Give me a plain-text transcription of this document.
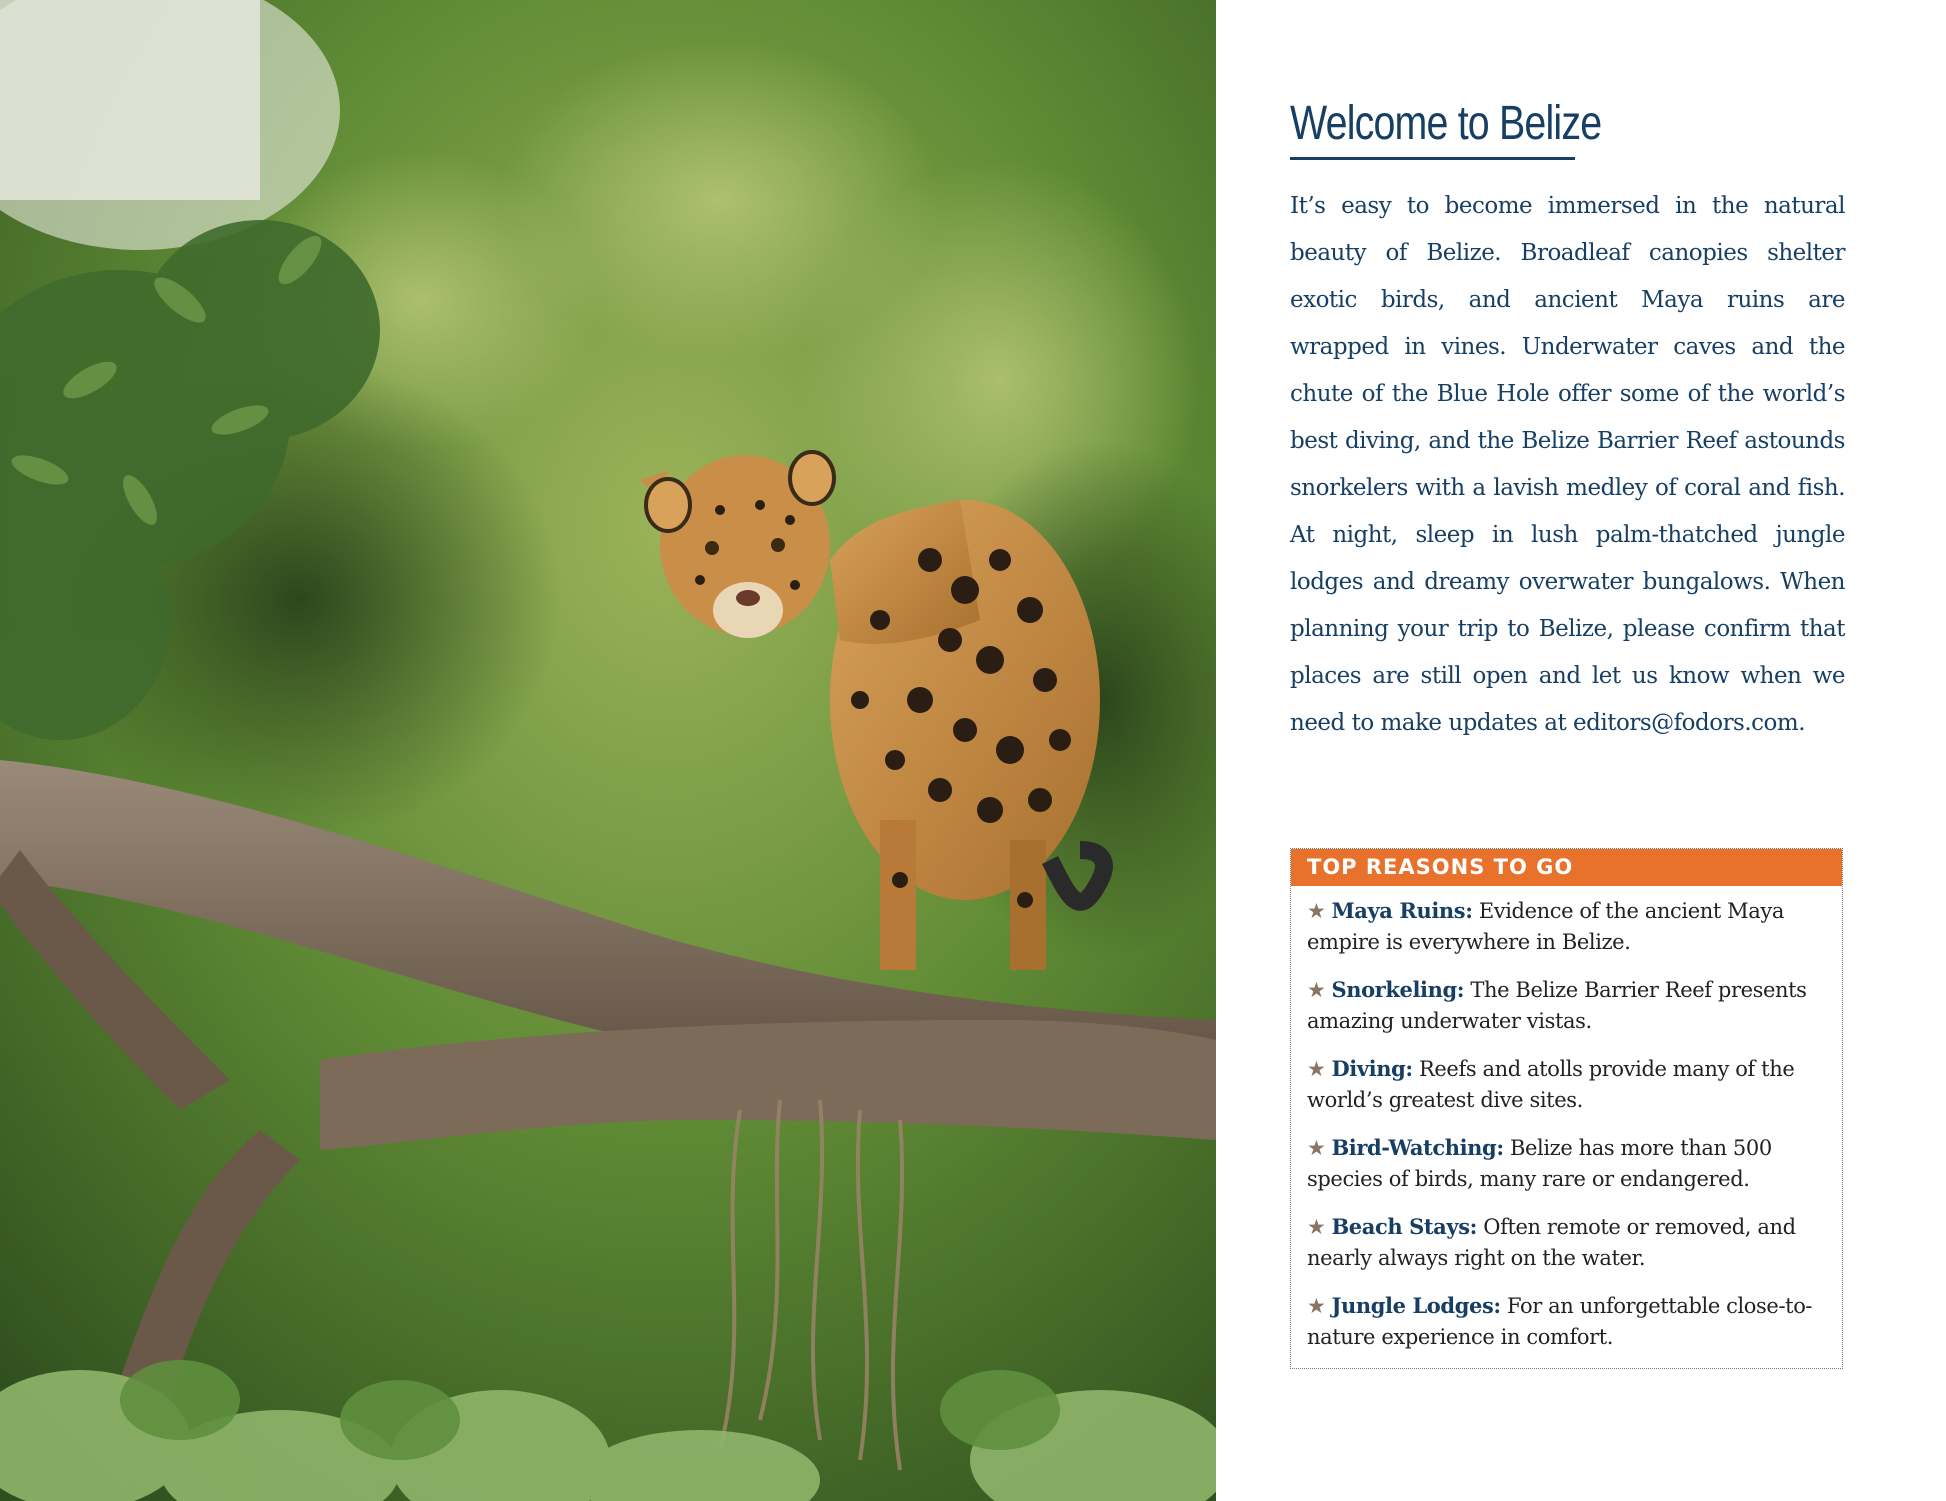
Welcome to Belize
It’s easy to become immersed in the natural beauty of Belize. Broadleaf canopies shelter exotic birds, and ancient Maya ruins are wrapped in vines. Underwater caves and the chute of the Blue Hole offer some of the world’s best diving, and the Belize Barrier Reef astounds snorkelers with a lavish medley of coral and fish. At night, sleep in lush palm-thatched jungle lodges and dreamy overwater bungalows. When planning your trip to Belize, please confirm that places are still open and let us know when we need to make updates at editors@fodors.com.
TOP REASONS TO GO
★ Maya Ruins: Evidence of the ancient Maya empire is everywhere in Belize.
★ Snorkeling: The Belize Barrier Reef presents amazing underwater vistas.
★ Diving: Reefs and atolls provide many of the world’s greatest dive sites.
★ Bird-Watching: Belize has more than 500 species of birds, many rare or endangered.
★ Beach Stays: Often remote or removed, and nearly always right on the water.
★ Jungle Lodges: For an unforgettable close-to-nature experience in comfort.
